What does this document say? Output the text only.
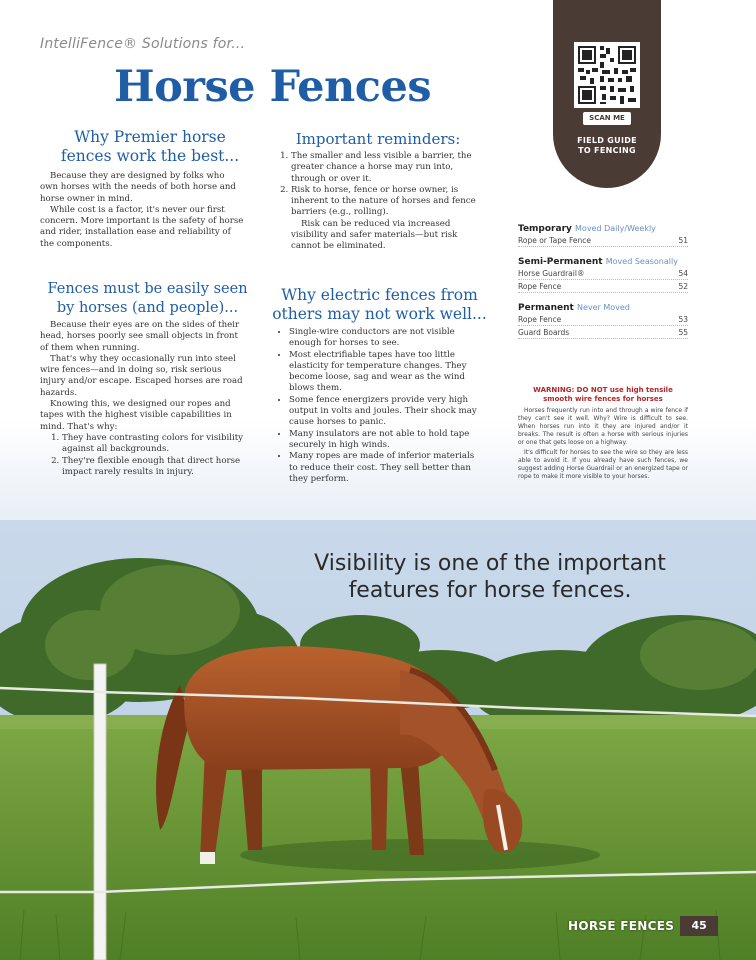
IntelliFence® Solutions for...
Horse Fences
SCAN ME
FIELD GUIDE
TO FENCING
Why Premier horse
fences work the best...

Because they are designed by folks who own horses with the needs of both horse and horse owner in mind.

While cost is a factor, it's never our first concern. More important is the safety of horse and rider, installation ease and reliability of the components.

Fences must be easily seen
by horses (and people)...

Because their eyes are on the sides of their head, horses poorly see small objects in front of them when running.

That's why they occasionally run into steel wire fences—and in doing so, risk serious injury and/or escape. Escaped horses are road hazards.

Knowing this, we designed our ropes and tapes with the highest visible capabilities in mind. That's why:

1. They have contrasting colors for visibility against all backgrounds.
2. They're flexible enough that direct horse impact rarely results in injury.
Important reminders:
1. The smaller and less visible a barrier, the greater chance a horse may run into, through or over it.
2. Risk to horse, fence or horse owner, is inherent to the nature of horses and fence barriers (e.g., rolling).

Risk can be reduced via increased visibility and safer materials—but risk cannot be eliminated.

Why electric fences from
others may not work well...
• Single-wire conductors are not visible enough for horses to see.
• Most electrifiable tapes have too little elasticity for temperature changes. They become loose, sag and wear as the wind blows them.
• Some fence energizers provide very high output in volts and joules. Their shock may cause horses to panic.
• Many insulators are not able to hold tape securely in high winds.
• Many ropes are made of inferior materials to reduce their cost. They sell better than they perform.
Temporary Moved Daily/Weekly
Rope or Tape Fence	51
Semi-Permanent Moved Seasonally
Horse Guardrail®	54
Rope Fence	52
Permanent Never Moved
Rope Fence	53
Guard Boards	55
WARNING: DO NOT use high tensile
smooth wire fences for horses

Horses frequently run into and through a wire fence if they can't see it well. Why? Wire is difficult to see. When horses run into it they are injured and/or it breaks. The result is often a horse with serious injuries or one that gets loose on a highway.

It's difficult for horses to see the wire so they are less able to avoid it. If you already have such fences, we suggest adding Horse Guardrail or an energized tape or rope to make it more visible to your horses.

Visibility is one of the important
features for horse fences.
HORSE FENCES	45
